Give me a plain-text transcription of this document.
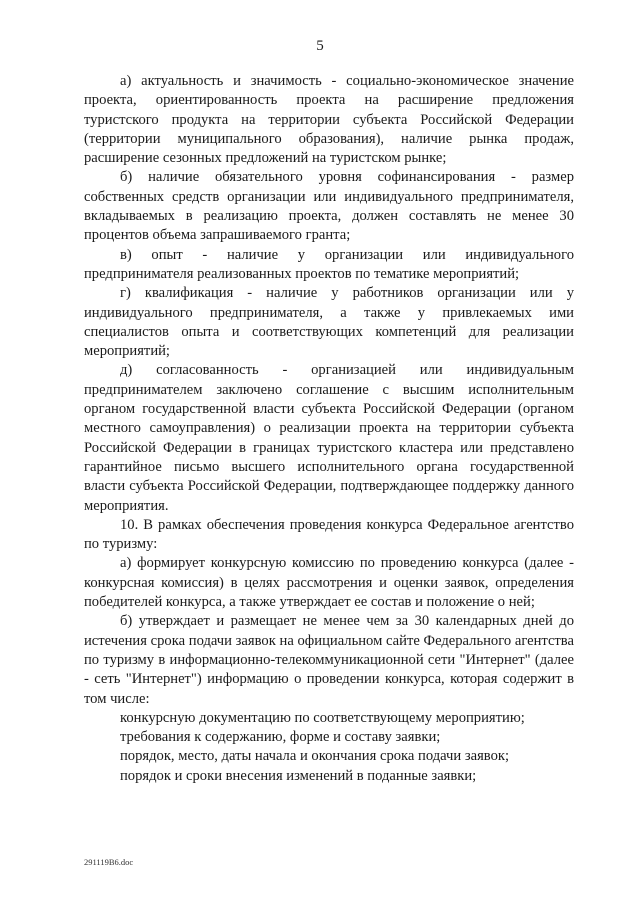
5

а) актуальность и значимость - социально-экономическое значение проекта, ориентированность проекта на расширение предложения туристского продукта на территории субъекта Российской Федерации (территории муниципального образования), наличие рынка продаж, расширение сезонных предложений на туристском рынке;

б) наличие обязательного уровня софинансирования - размер собственных средств организации или индивидуального предпринимателя, вкладываемых в реализацию проекта, должен составлять не менее 30 процентов объема запрашиваемого гранта;

в) опыт - наличие у организации или индивидуального предпринимателя реализованных проектов по тематике мероприятий;

г) квалификация - наличие у работников организации или у индивидуального предпринимателя, а также у привлекаемых ими специалистов опыта и соответствующих компетенций для реализации мероприятий;

д) согласованность - организацией или индивидуальным предпринимателем заключено соглашение с высшим исполнительным органом государственной власти субъекта Российской Федерации (органом местного самоуправления) о реализации проекта на территории субъекта Российской Федерации в границах туристского кластера или представлено гарантийное письмо высшего исполнительного органа государственной власти субъекта Российской Федерации, подтверждающее поддержку данного мероприятия.

10. В рамках обеспечения проведения конкурса Федеральное агентство по туризму:

а) формирует конкурсную комиссию по проведению конкурса (далее - конкурсная комиссия) в целях рассмотрения и оценки заявок, определения победителей конкурса, а также утверждает ее состав и положение о ней;

б) утверждает и размещает не менее чем за 30 календарных дней до истечения срока подачи заявок на официальном сайте Федерального агентства по туризму в информационно-телекоммуникационной сети "Интернет" (далее - сеть "Интернет") информацию о проведении конкурса, которая содержит в том числе:

конкурсную документацию по соответствующему мероприятию;

требования к содержанию, форме и составу заявки;

порядок, место, даты начала и окончания срока подачи заявок;

порядок и сроки внесения изменений в поданные заявки;

291119B6.doc
